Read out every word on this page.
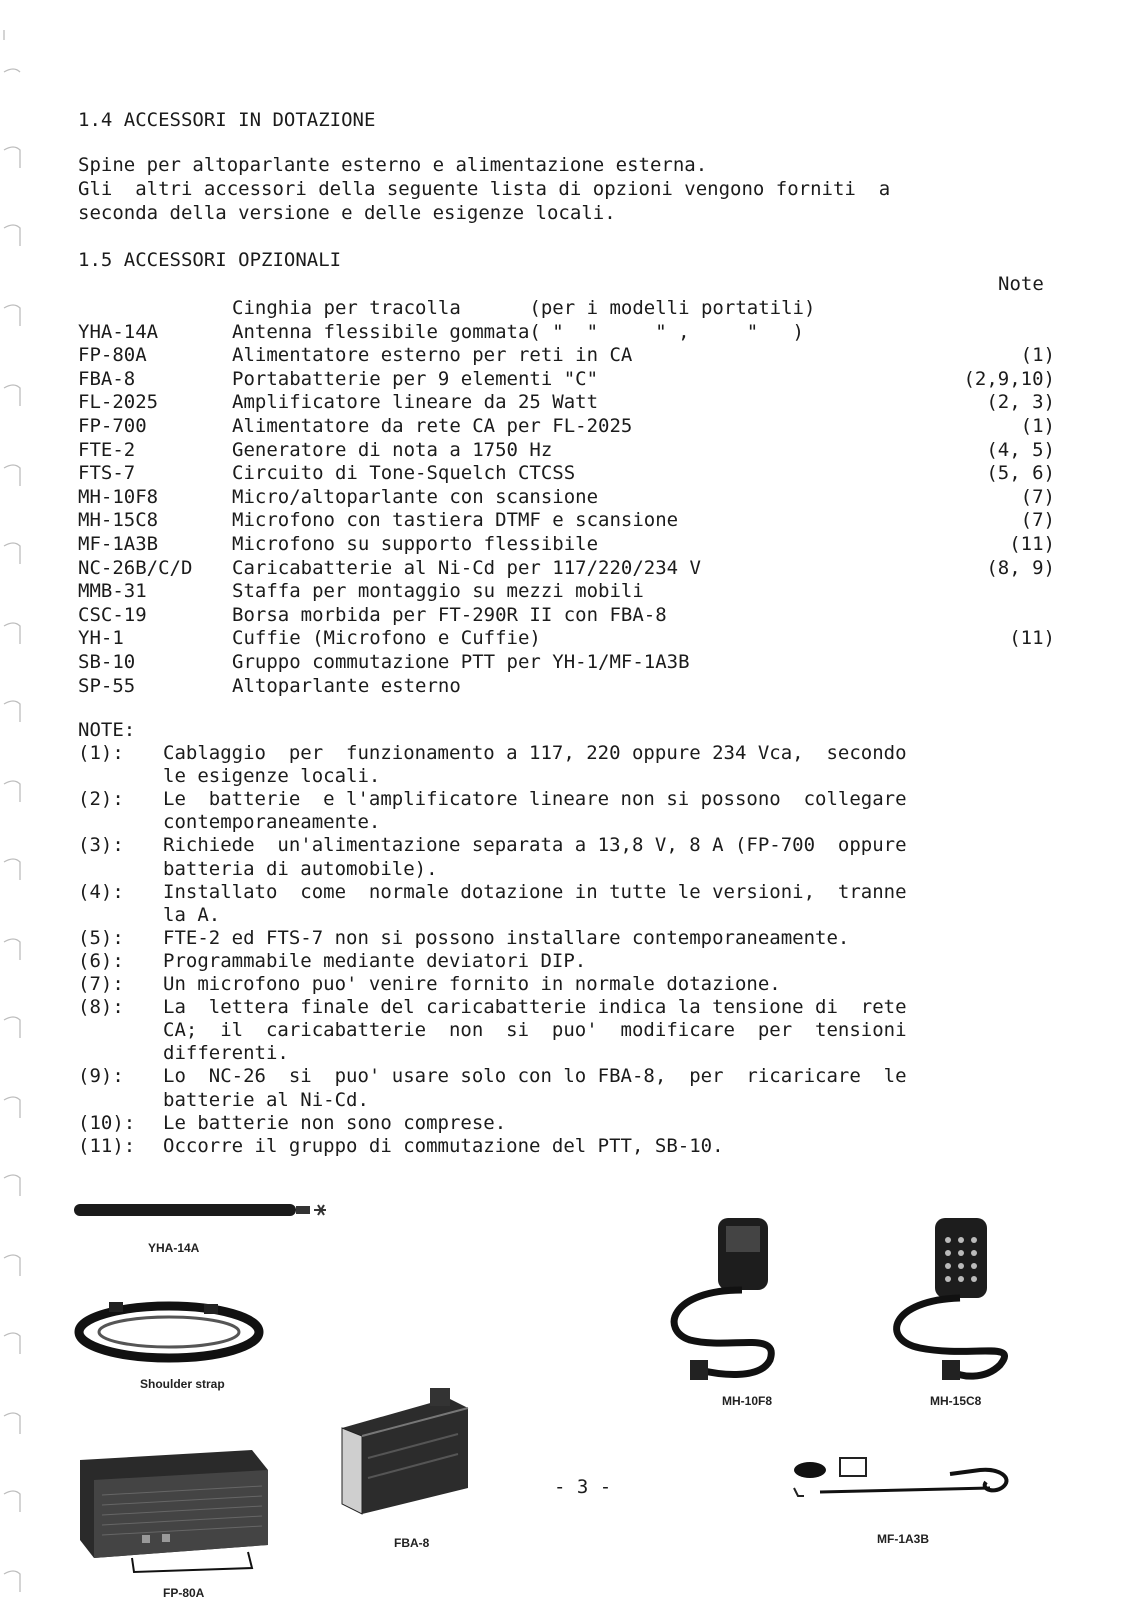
1.4 ACCESSORI IN DOTAZIONE
Spine per altoparlante esterno e alimentazione esterna.
Gli  altri accessori della seguente lista di opzioni vengono forniti  a
seconda della versione e delle esigenze locali.
1.5 ACCESSORI OPZIONALI
Note
Cinghia per tracolla      (per i modelli portatili)
YHA-14A	Antenna flessibile gommata( "  "     " ,     "   )
FP-80A	Alimentatore esterno per reti in CA	(1)
FBA-8	Portabatterie per 9 elementi "C"	(2,9,10)
FL-2025	Amplificatore lineare da 25 Watt	(2, 3)
FP-700	Alimentatore da rete CA per FL-2025	(1)
FTE-2	Generatore di nota a 1750 Hz	(4, 5)
FTS-7	Circuito di Tone-Squelch CTCSS	(5, 6)
MH-10F8	Micro/altoparlante con scansione	(7)
MH-15C8	Microfono con tastiera DTMF e scansione	(7)
MF-1A3B	Microfono su supporto flessibile	(11)
NC-26B/C/D Caricabatterie al Ni-Cd per 117/220/234 V	(8, 9)
MMB-31	Staffa per montaggio su mezzi mobili
CSC-19	Borsa morbida per FT-290R II con FBA-8
YH-1	Cuffie (Microfono e Cuffie)	(11)
SB-10	Gruppo commutazione PTT per YH-1/MF-1A3B
SP-55	Altoparlante esterno
NOTE:
(1): Cablaggio  per  funzionamento a 117, 220 oppure 234 Vca,  secondo
le esigenze locali.
(2): Le  batterie  e l'amplificatore lineare non si possono  collegare
contemporaneamente.
(3): Richiede  un'alimentazione separata a 13,8 V, 8 A (FP-700  oppure
batteria di automobile).
(4): Installato  come  normale dotazione in tutte le versioni,  tranne
la A.
(5): FTE-2 ed FTS-7 non si possono installare contemporaneamente.
(6): Programmabile mediante deviatori DIP.
(7): Un microfono puo' venire fornito in normale dotazione.
(8): La  lettera finale del caricabatterie indica la tensione di  rete
CA;  il  caricabatterie  non  si  puo'  modificare  per  tensioni
differenti.
(9): Lo  NC-26  si  puo' usare solo con lo FBA-8,  per  ricaricare  le
batterie al Ni-Cd.
(10): Le batterie non sono comprese.
(11): Occorre il gruppo di commutazione del PTT, SB-10.
YHA-14A
Shoulder strap
MH-10F8	MH-15C8
FP-80A
FBA-8
- 3 -
MF-1A3B
